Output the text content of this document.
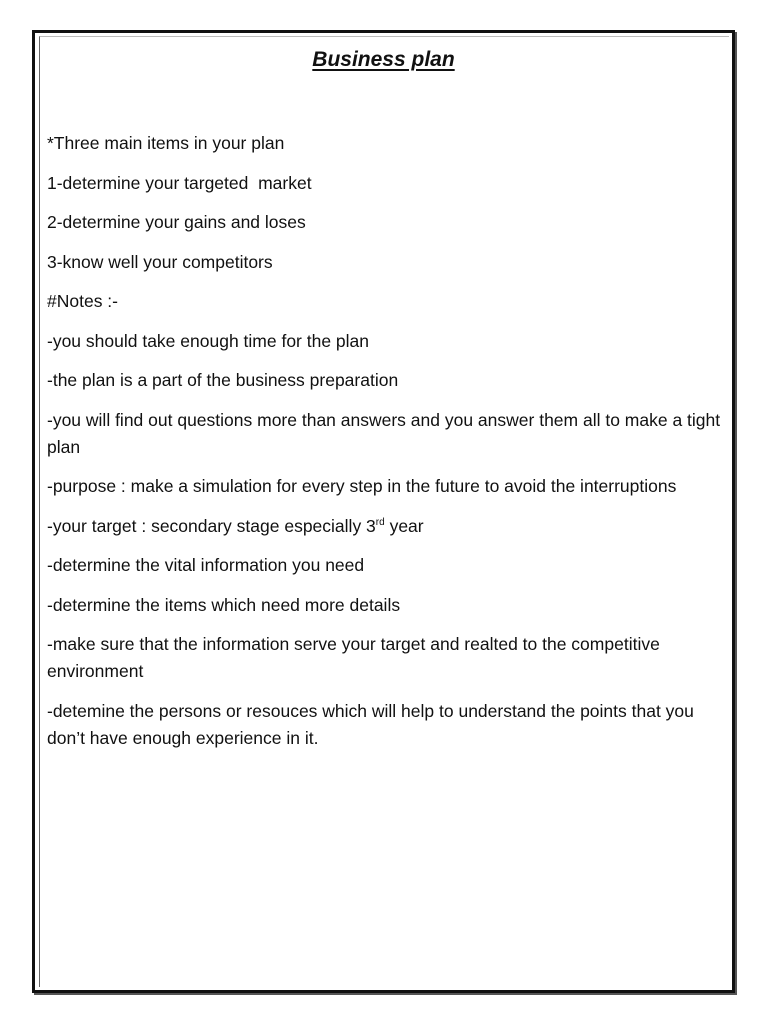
Business plan

*Three main items in your plan

1-determine your targeted  market

2-determine your gains and loses

3-know well your competitors

#Notes :-

-you should take enough time for the plan

-the plan is a part of the business preparation

-you will find out questions more than answers and you answer them all to make a tight plan

-purpose : make a simulation for every step in the future to avoid the interruptions

-your target : secondary stage especially 3rd year

-determine the vital information you need

-determine the items which need more details

-make sure that the information serve your target and realted to the competitive environment

-detemine the persons or resouces which will help to understand the points that you don’t have enough experience in it.
